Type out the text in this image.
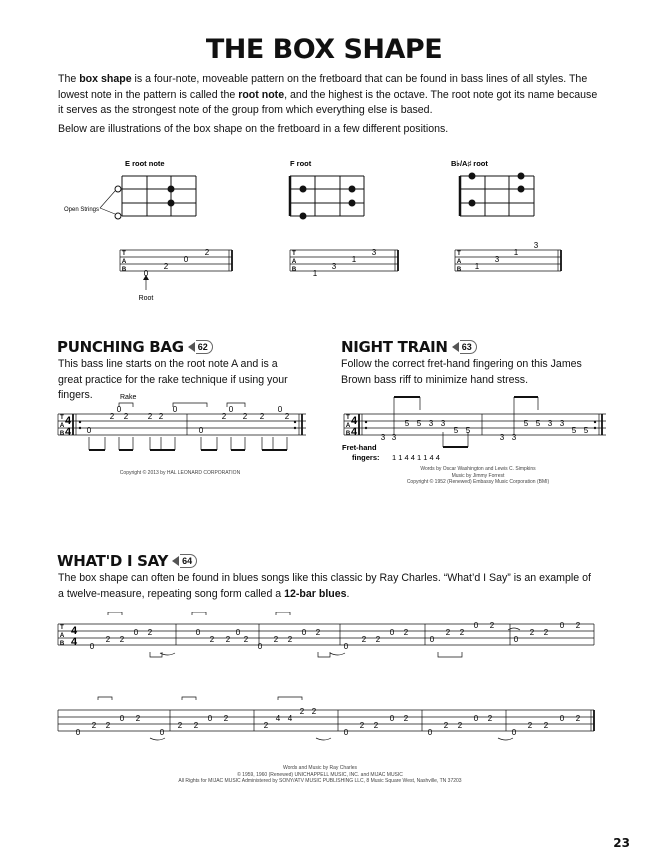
THE BOX SHAPE

The box shape is a four-note, moveable pattern on the fretboard that can be found in bass lines of all styles. The lowest note in the pattern is called the root note, and the highest is the octave. The root note got its name because it serves as the strongest note of the group from which everything else is based.

Below are illustrations of the box shape on the fretboard in a few different positions.

E root note	F root	B♭/A♯ root
Open Strings
T
A
B
T
A
B
T
A
B
0
2
0
2
1
3
1
3
1
3
1
3
Root
PUNCHING BAG 62

This bass line starts on the root note A and is a great practice for the rake technique if using your fingers.

T
A
B
4
4
Rake
0
2
0
2 2
0
2
0
2
0
2 2
0
2
Copyright © 2013 by HAL LEONARD CORPORATION
NIGHT TRAIN 63

Follow the correct fret-hand fingering on this James Brown bass riff to minimize hand stress.

T
A
B
4
4	3 3
5 5 3 3
5 5
3 3
5 5 3 3
5 5
Fret-hand
fingers: 1 1 4 4 1 1 4 4
Words by Oscar Washington and Lewis C. Simpkins
Music by Jimmy Forrest
Copyright © 1952 (Renewed) Embassy Music Corporation (BMI)
WHAT'D I SAY 64

The box shape can often be found in blues songs like this classic by Ray Charles. “What’d I Say” is an example of a twelve-measure, repeating song form called a 12-bar blues.

T
A
B
4
4 0
2 2
0 2	0
2 2
0
2
0
2 2
0 2
0
2 2
0 2
0
2 2
0 2
0
2 2
0 2
0
2 2
0 2
0
2 2
0 2
2
4 4
2 2
0
2 2
0 2
0
2 2
0 2
0
2 2
0 2
Words and Music by Ray Charles
© 1959, 1960 (Renewed) UNICHAPPELL MUSIC, INC. and MIJAC MUSIC
All Rights for MIJAC MUSIC Administered by SONY/ATV MUSIC PUBLISHING LLC, 8 Music Square West, Nashville, TN 37203
23
